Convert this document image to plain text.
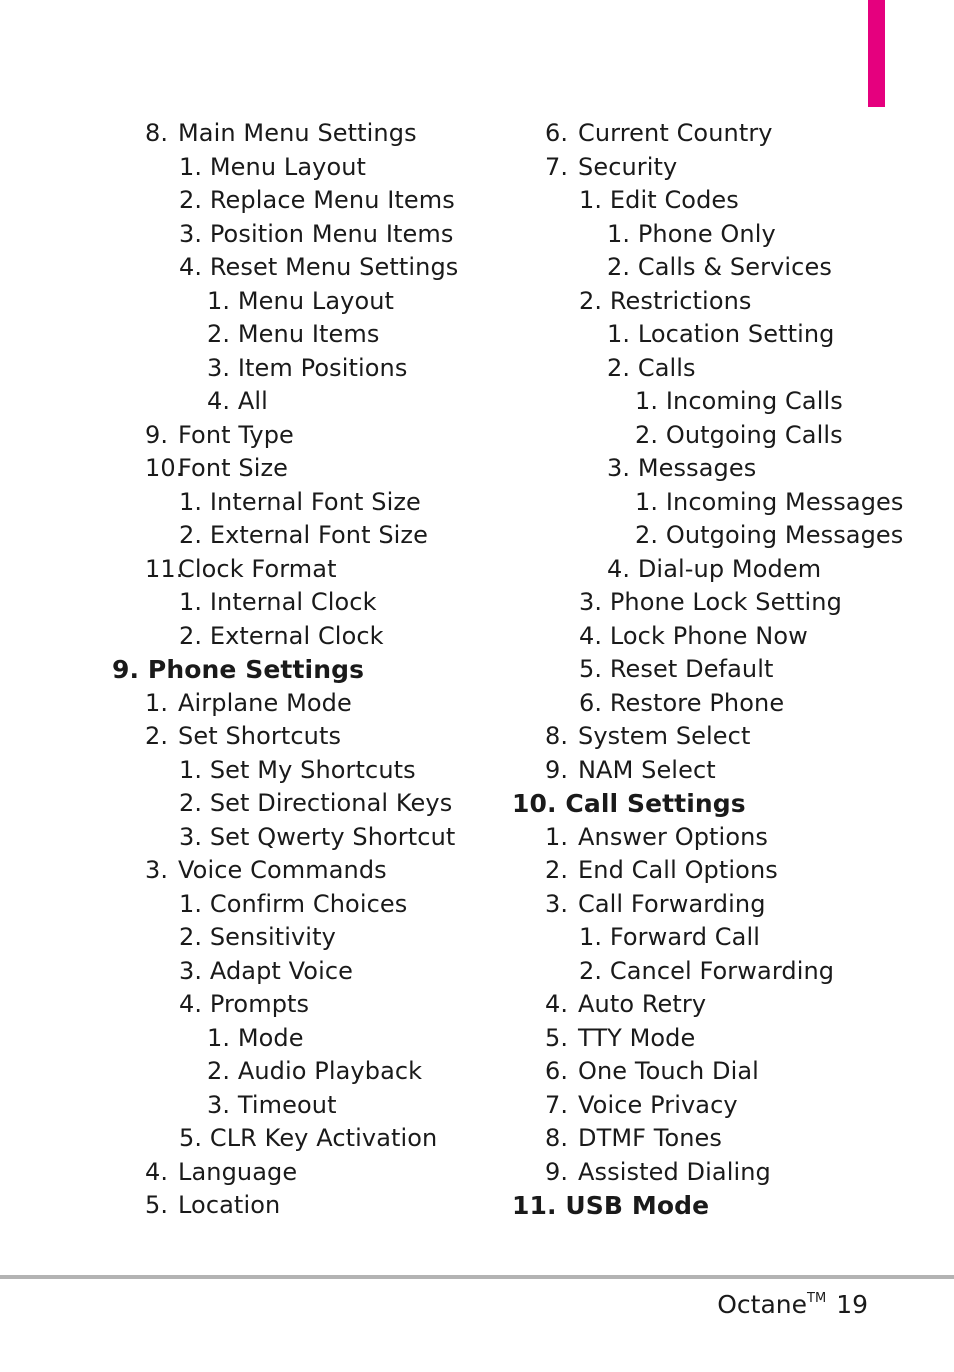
8. Main Menu Settings
1. Menu Layout
2. Replace Menu Items
3. Position Menu Items
4. Reset Menu Settings
1. Menu Layout
2. Menu Items
3. Item Positions
4. All
9. Font Type
10.Font Size
1. Internal Font Size
2. External Font Size
11.Clock Format
1. Internal Clock
2. External Clock
9. Phone Settings
1. Airplane Mode
2. Set Shortcuts
1. Set My Shortcuts
2. Set Directional Keys
3. Set Qwerty Shortcut
3. Voice Commands
1. Confirm Choices
2. Sensitivity
3. Adapt Voice
4. Prompts
1. Mode
2. Audio Playback
3. Timeout
5. CLR Key Activation
4. Language
5. Location
6. Current Country
7. Security
1. Edit Codes
1. Phone Only
2. Calls & Services
2. Restrictions
1. Location Setting
2. Calls
1. Incoming Calls
2. Outgoing Calls
3. Messages
1. Incoming Messages
2. Outgoing Messages
4. Dial-up Modem
3. Phone Lock Setting
4. Lock Phone Now
5. Reset Default
6. Restore Phone
8. System Select
9. NAM Select
10. Call Settings
1. Answer Options
2. End Call Options
3. Call Forwarding
1. Forward Call
2. Cancel Forwarding
4. Auto Retry
5. TTY Mode
6. One Touch Dial
7. Voice Privacy
8. DTMF Tones
9. Assisted Dialing
11. USB Mode
Octane™ 19
